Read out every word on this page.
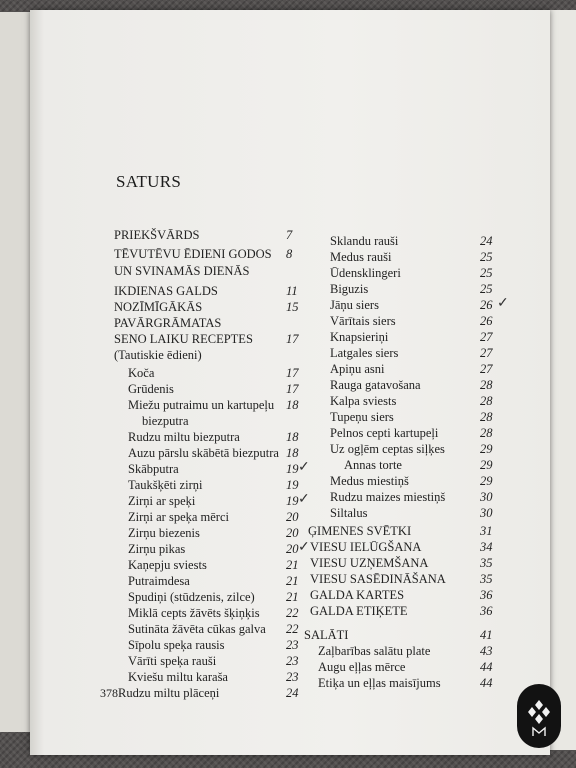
SATURS
PRIEKŠVĀRDS	7
TĒVUTĒVU ĒDIENI GODOS 8
UN SVINAMĀS DIENĀS
IKDIENAS GALDS	11
NOZĪMĪGĀKĀS	15
PAVĀRGRĀMATAS
SENO LAIKU RECEPTES	17
(Tautiskie ēdieni)
Koča	17
Grūdenis	17
Miežu putraimu un kartupeļu 18
biezputra
Rudzu miltu biezputra	18
Auzu pārslu skābētā biezputra 18
Skābputra	19 ✓
Taukšķēti zirņi	19
Zirņi ar speķi	19 ✓
Zirņi ar speķa mērci	20
Zirņu biezenis	20
Zirņu pikas	20 ✓
Kaņepju sviests	21
Putraimdesa	21
Spudiņi (stūdzenis, zilce)	21
Miklā cepts žāvēts šķiņķis 22
Sutināta žāvēta cūkas galva 22
Sīpolu speķa rausis	23
Vārīti speķa rauši	23
Kviešu miltu karaša	23
Rudzu miltu plāceņi	24
Sklandu rauši	24
Medus rauši	25
Ūdensklingeri	25
Biguzis	25
Jāņu siers	26 ✓
Vārītais siers	26
Knapsieriņi	27
Latgales siers	27
Apiņu asni	27
Rauga gatavošana	28
Kalpa sviests	28
Tupeņu siers	28
Pelnos cepti kartupeļi	28
Uz ogļēm ceptas siļķes	29
Annas torte	29
Medus miestiņš	29
Rudzu maizes miestiņš	30
Siltalus	30
ĢIMENES SVĒTKI	31
VIESU IELŪGŠANA	34
VIESU UZŅEMŠANA	35
VIESU SASĒDINĀŠANA	35
GALDA KARTES	36
GALDA ETIĶETE	36
SALĀTI	41
Zaļbarības salātu plate	43
Augu eļļas mērce	44
Etiķa un eļļas maisījums	44
378
